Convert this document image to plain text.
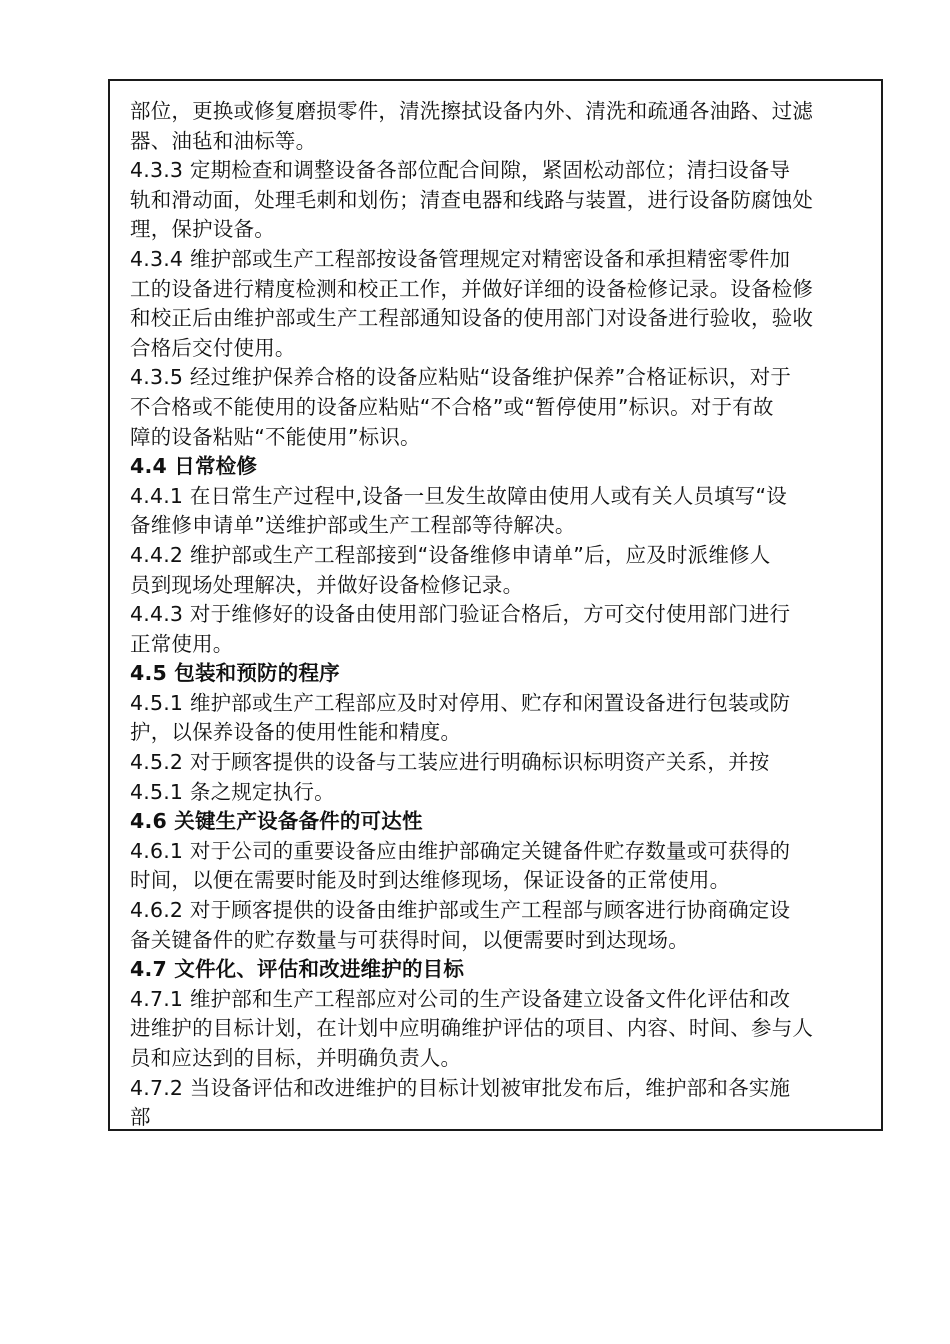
部位，更换或修复磨损零件，清洗擦拭设备内外、清洗和疏通各油路、过滤
器、油毡和油标等。
4.3.3 定期检查和调整设备各部位配合间隙，紧固松动部位；清扫设备导
轨和滑动面，处理毛刺和划伤；清查电器和线路与装置，进行设备防腐蚀处
理，保护设备。
4.3.4 维护部或生产工程部按设备管理规定对精密设备和承担精密零件加
工的设备进行精度检测和校正工作，并做好详细的设备检修记录。设备检修
和校正后由维护部或生产工程部通知设备的使用部门对设备进行验收，验收
合格后交付使用。
4.3.5 经过维护保养合格的设备应粘贴“设备维护保养”合格证标识，对于
不合格或不能使用的设备应粘贴“不合格”或“暂停使用”标识。对于有故
障的设备粘贴“不能使用”标识。
4.4 日常检修
4.4.1 在日常生产过程中,设备一旦发生故障由使用人或有关人员填写“设
备维修申请单”送维护部或生产工程部等待解决。
4.4.2 维护部或生产工程部接到“设备维修申请单”后，应及时派维修人
员到现场处理解决，并做好设备检修记录。
4.4.3 对于维修好的设备由使用部门验证合格后，方可交付使用部门进行
正常使用。
4.5 包装和预防的程序
4.5.1 维护部或生产工程部应及时对停用、贮存和闲置设备进行包装或防
护，以保养设备的使用性能和精度。
4.5.2 对于顾客提供的设备与工装应进行明确标识标明资产关系，并按
4.5.1 条之规定执行。
4.6 关键生产设备备件的可达性
4.6.1 对于公司的重要设备应由维护部确定关键备件贮存数量或可获得的
时间，以便在需要时能及时到达维修现场，保证设备的正常使用。
4.6.2 对于顾客提供的设备由维护部或生产工程部与顾客进行协商确定设
备关键备件的贮存数量与可获得时间，以便需要时到达现场。
4.7 文件化、评估和改进维护的目标
4.7.1 维护部和生产工程部应对公司的生产设备建立设备文件化评估和改
进维护的目标计划，在计划中应明确维护评估的项目、内容、时间、参与人
员和应达到的目标，并明确负责人。
4.7.2 当设备评估和改进维护的目标计划被审批发布后，维护部和各实施
部
